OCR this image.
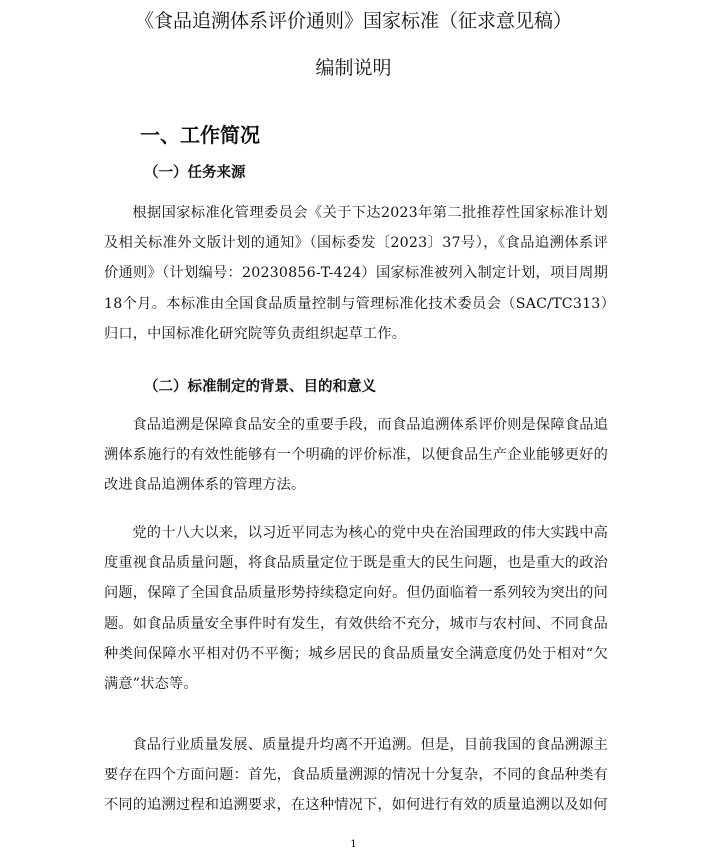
《食品追溯体系评价通则》国家标准（征求意见稿）
编制说明
一、工作简况
（一）任务来源
根据国家标准化管理委员会《关于下达2023年第二批推荐性国家标准计划及相关标准外文版计划的通知》（国标委发〔2023〕37号），《食品追溯体系评价通则》（计划编号：20230856-T-424）国家标准被列入制定计划，项目周期18个月。本标准由全国食品质量控制与管理标准化技术委员会（SAC/TC313）归口，中国标准化研究院等负责组织起草工作。
（二）标准制定的背景、目的和意义
食品追溯是保障食品安全的重要手段，而食品追溯体系评价则是保障食品追溯体系施行的有效性能够有一个明确的评价标准，以便食品生产企业能够更好的改进食品追溯体系的管理方法。
党的十八大以来，以习近平同志为核心的党中央在治国理政的伟大实践中高度重视食品质量问题，将食品质量定位于既是重大的民生问题，也是重大的政治问题，保障了全国食品质量形势持续稳定向好。但仍面临着一系列较为突出的问题。如食品质量安全事件时有发生，有效供给不充分，城市与农村间、不同食品种类间保障水平相对仍不平衡；城乡居民的食品质量安全满意度仍处于相对“欠满意”状态等。
食品行业质量发展、质量提升均离不开追溯。但是，目前我国的食品溯源主要存在四个方面问题：首先，食品质量溯源的情况十分复杂，不同的食品种类有不同的追溯过程和追溯要求，在这种情况下，如何进行有效的质量追溯以及如何
1
